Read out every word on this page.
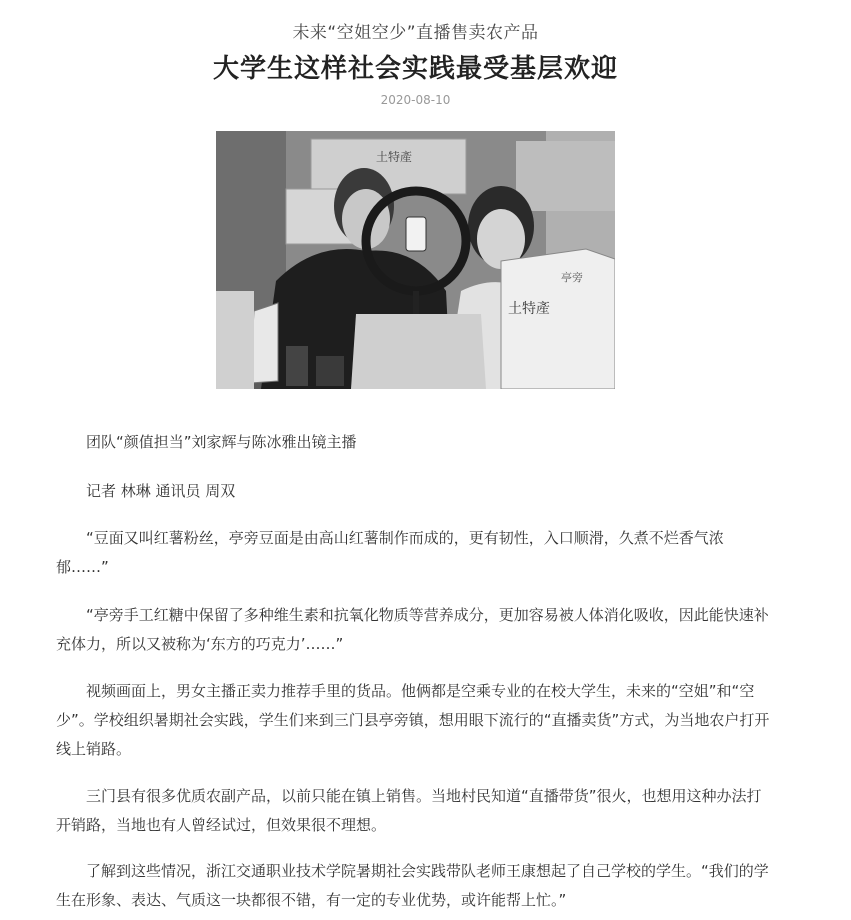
未来“空姐空少”直播售卖农产品
大学生这样社会实践最受基层欢迎
2020-08-10
土特產
土特產
亭旁
团队“颜值担当”刘家辉与陈冰雅出镜主播
记者 林琳 通讯员 周双
“豆面又叫红薯粉丝，亭旁豆面是由高山红薯制作而成的，更有韧性，入口顺滑，久煮不烂香气浓郁……”
“亭旁手工红糖中保留了多种维生素和抗氧化物质等营养成分，更加容易被人体消化吸收，因此能快速补充体力，所以又被称为‘东方的巧克力’……”
视频画面上，男女主播正卖力推荐手里的货品。他俩都是空乘专业的在校大学生，未来的“空姐”和“空少”。学校组织暑期社会实践，学生们来到三门县亭旁镇，想用眼下流行的“直播卖货”方式，为当地农户打开线上销路。
三门县有很多优质农副产品，以前只能在镇上销售。当地村民知道“直播带货”很火，也想用这种办法打开销路，当地也有人曾经试过，但效果很不理想。
了解到这些情况，浙江交通职业技术学院暑期社会实践带队老师王康想起了自己学校的学生。“我们的学生在形象、表达、气质这一块都很不错，有一定的专业优势，或许能帮上忙。”
